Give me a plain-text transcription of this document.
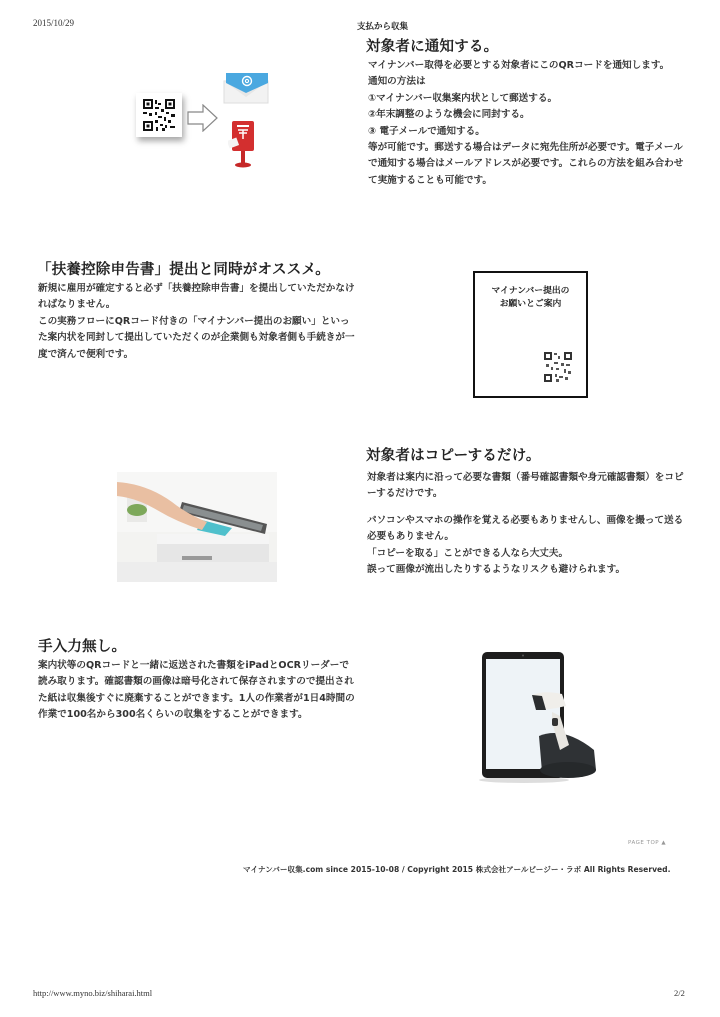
2015/10/29	支払から収集
対象者に通知する。

マイナンバー取得を必要とする対象者にこのQRコードを通知します。

通知の方法は

①マイナンバー収集案内状として郵送する。

②年末調整のような機会に同封する。

③ 電子メールで通知する。

等が可能です。郵送する場合はデータに宛先住所が必要です。電子メールで通知する場合はメールアドレスが必要です。これらの方法を組み合わせて実施することも可能です。

「扶養控除申告書」提出と同時がオススメ。

新規に雇用が確定すると必ず「扶養控除申告書」を提出していただかなければなりません。

この実務フローにQRコード付きの「マイナンバー提出のお願い」といった案内状を同封して提出していただくのが企業側も対象者側も手続きが一度で済んで便利です。

マイナンバー提出の
お願いとご案内
対象者はコピーするだけ。

対象者は案内に沿って必要な書類（番号確認書類や身元確認書類）をコピーするだけです。

パソコンやスマホの操作を覚える必要もありませんし、画像を撮って送る必要もありません。

「コピーを取る」ことができる人なら大丈夫。

誤って画像が流出したりするようなリスクも避けられます。

手入力無し。

案内状等のQRコードと一緒に返送された書類をiPadとOCRリーダーで読み取ります。確認書類の画像は暗号化されて保存されますので提出された紙は収集後すぐに廃棄することができます。1人の作業者が1日4時間の作業で100名から300名くらいの収集をすることができます。

PAGE TOP ▲
マイナンバー収集.com since 2015-10-08 / Copyright 2015 株式会社アールビージー・ラボ All Rights Reserved.
http://www.myno.biz/shiharai.html	2/2
